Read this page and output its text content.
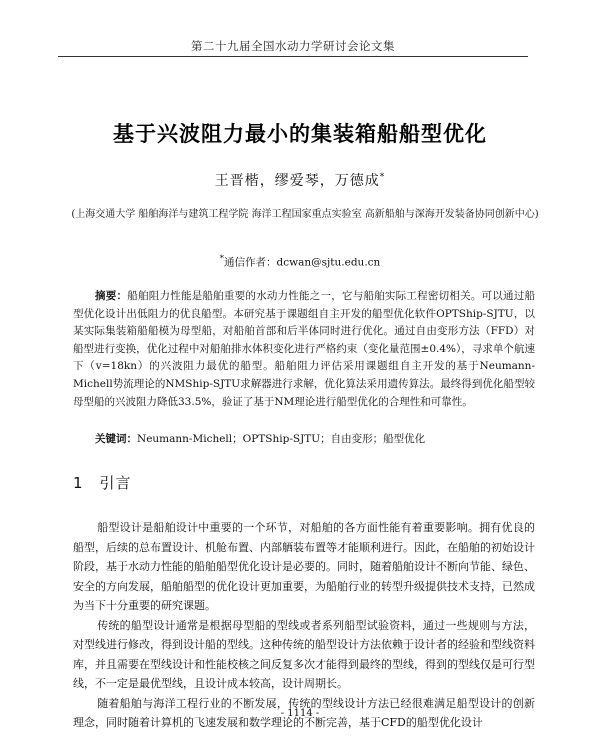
第二十九届全国水动力学研讨会论文集
基于兴波阻力最小的集装箱船船型优化
王晋楷，缪爱琴，万德成*
(上海交通大学 船舶海洋与建筑工程学院 海洋工程国家重点实验室 高新船舶与深海开发装备协同创新中心)
*通信作者：dcwan@sjtu.edu.cn
摘要：船舶阻力性能是船舶重要的水动力性能之一，它与船舶实际工程密切相关。可以通过船型优化设计出低阻力的优良船型。本研究基于课题组自主开发的船型优化软件OPTShip-SJTU，以某实际集装箱船船模为母型船，对船舶首部和后半体同时进行优化。通过自由变形方法（FFD）对船型进行变换，优化过程中对船舶排水体积变化进行严格约束（变化量范围±0.4%），寻求单个航速下（v=18kn）的兴波阻力最优的船型。船舶阻力评估采用课题组自主开发的基于Neumann-Michell势流理论的NMShip-SJTU求解器进行求解，优化算法采用遗传算法。最终得到优化船型较母型船的兴波阻力降低33.5%，验证了基于NM理论进行船型优化的合理性和可靠性。
关键词：Neumann-Michell；OPTShip-SJTU；自由变形；船型优化
1 引言

船型设计是船舶设计中重要的一个环节，对船舶的各方面性能有着重要影响。拥有优良的船型，后续的总布置设计、机舱布置、内部舾装布置等才能顺利进行。因此，在船舶的初始设计阶段，基于水动力性能的船舶船型优化设计是必要的。同时，随着船舶设计不断向节能、绿色、安全的方向发展，船舶船型的优化设计更加重要，为船舶行业的转型升级提供技术支持，已然成为当下十分重要的研究课题。

传统的船型设计通常是根据母型船的型线或者系列船型试验资料，通过一些规则与方法，对型线进行修改，得到设计船的型线。这种传统的船型设计方法依赖于设计者的经验和型线资料库，并且需要在型线设计和性能校核之间反复多次才能得到最终的型线，得到的型线仅是可行型线，不一定是最优型线，且设计成本较高，设计周期长。

随着船舶与海洋工程行业的不断发展，传统的型线设计方法已经很难满足船型设计的创新理念，同时随着计算机的飞速发展和数学理论的不断完善，基于CFD的船型优化设计

- 1114 -
